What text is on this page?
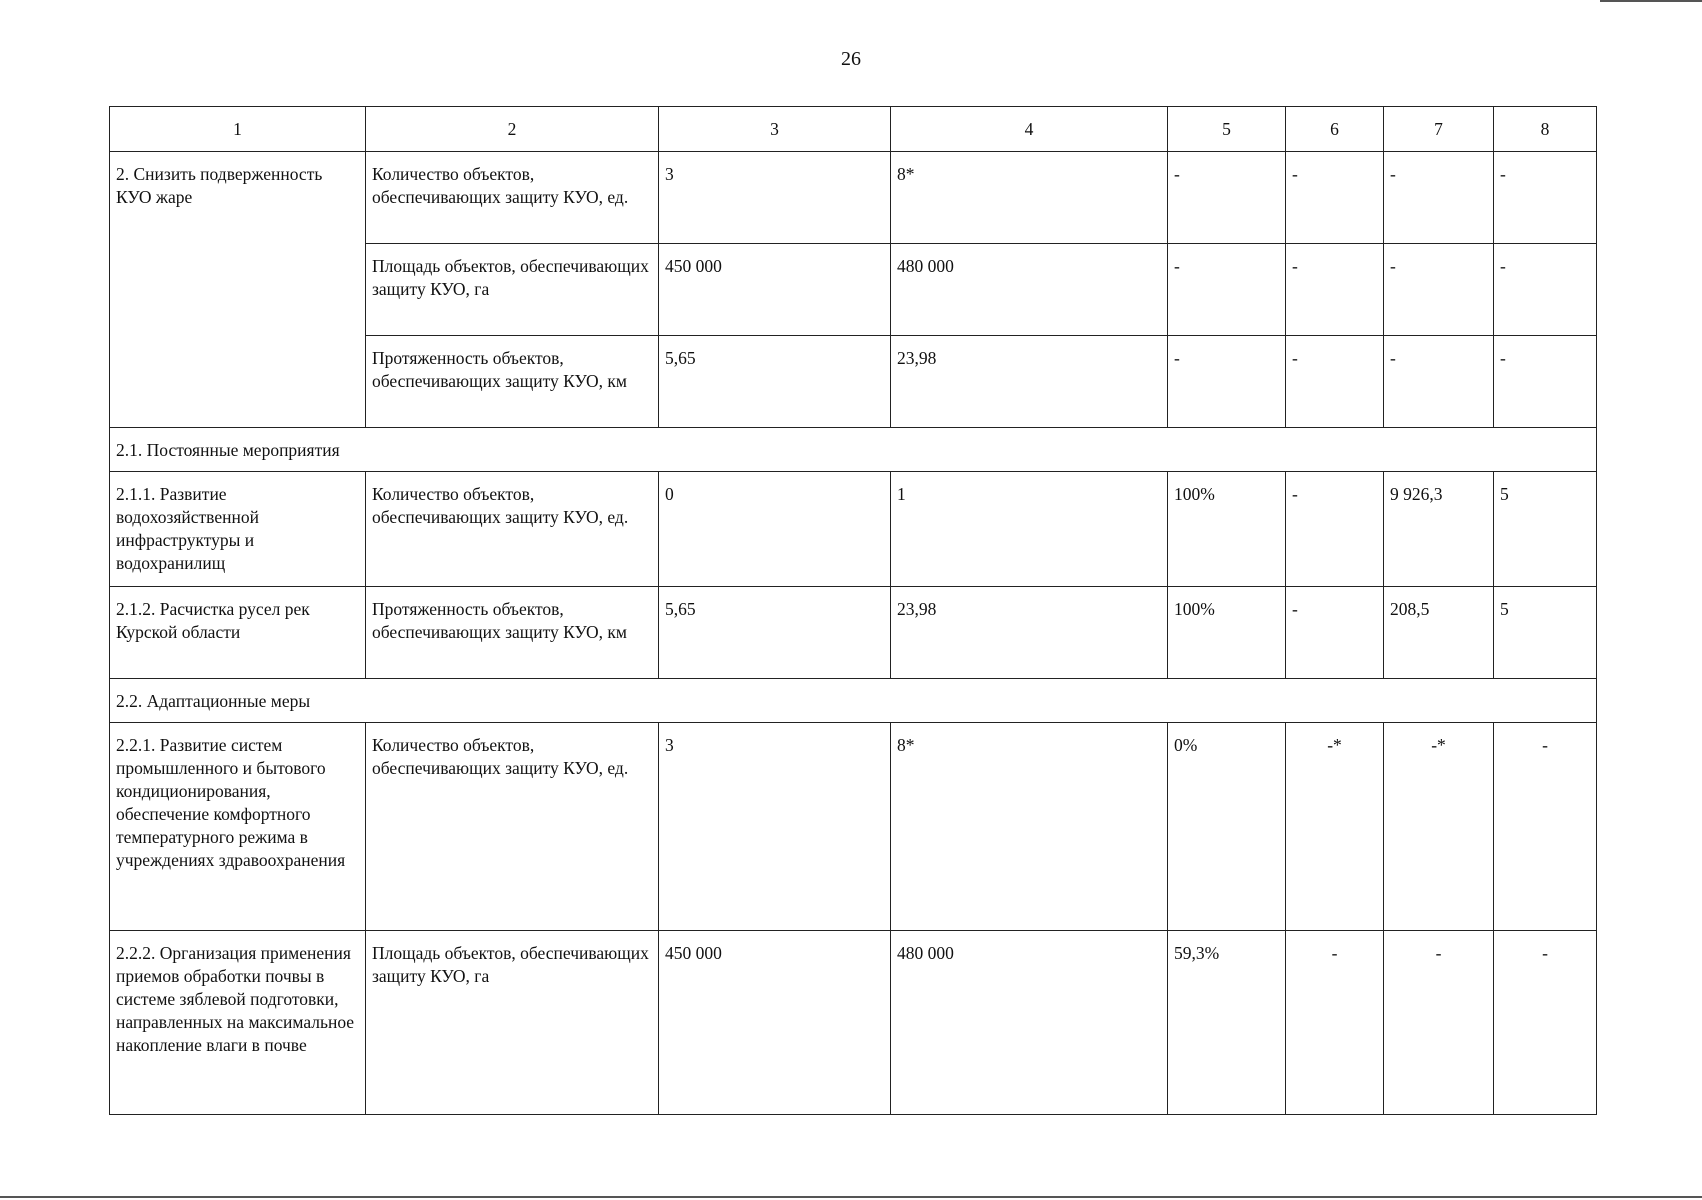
26
1	2	3	4	5	6	7	8
2. Снизить подверженность КУО жаре	Количество объектов, обеспечивающих защиту КУО, ед.	3	8*	-	-	-	-
	Площадь объектов, обеспечивающих защиту КУО, га	450 000	480 000	-	-	-	-
	Протяженность объектов, обеспечивающих защиту КУО, км	5,65	23,98	-	-	-	-
2.1. Постоянные мероприятия							
2.1.1. Развитие водохозяйственной инфраструктуры и водохранилищ	Количество объектов, обеспечивающих защиту КУО, ед.	0	1	100%	-	9 926,3	5
2.1.2. Расчистка русел рек Курской области	Протяженность объектов, обеспечивающих защиту КУО, км	5,65	23,98	100%	-	208,5	5
2.2. Адаптационные меры							
2.2.1. Развитие систем промышленного и бытового кондиционирования, обеспечение комфортного температурного режима в учреждениях здравоохранения	Количество объектов, обеспечивающих защиту КУО, ед.	3	8*	0%	-*	-*	-
2.2.2. Организация применения приемов обработки почвы в системе зяблевой подготовки, направленных на максимальное накопление влаги в почве	Площадь объектов, обеспечивающих защиту КУО, га	450 000	480 000	59,3%	-	-	-
